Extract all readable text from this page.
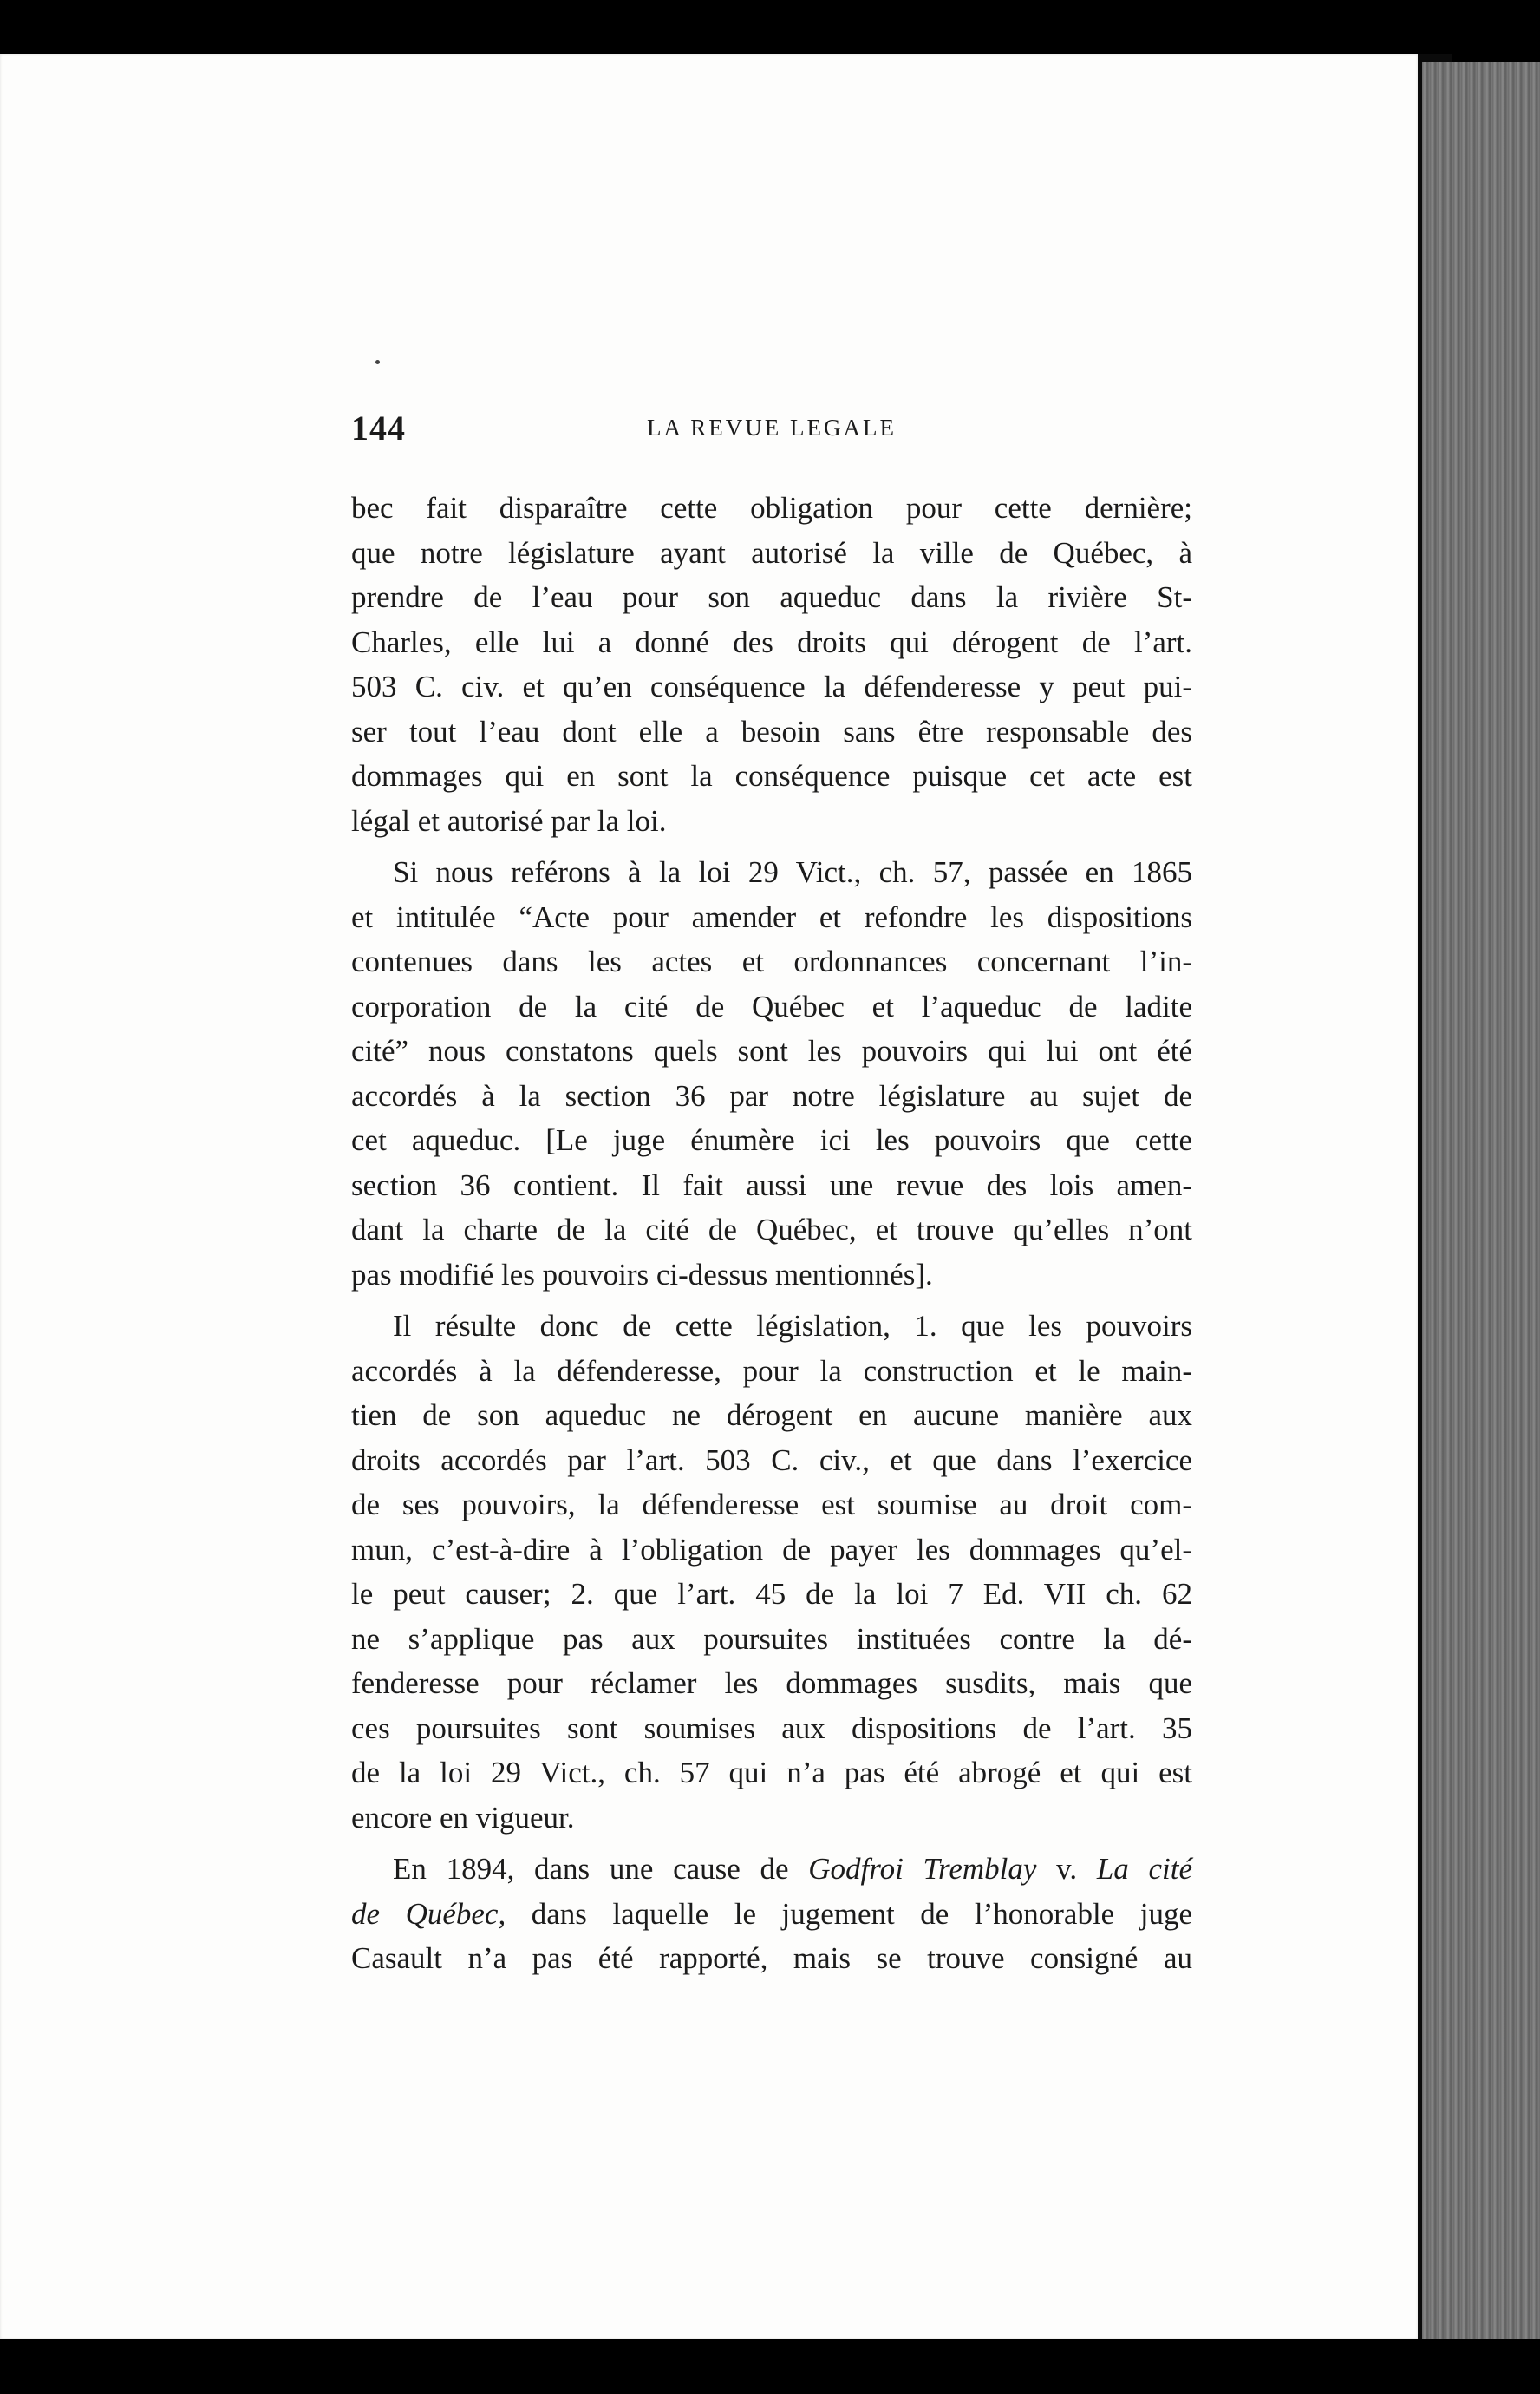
144	LA REVUE LEGALE

bec fait disparaître cette obligation pour cette dernière;

que notre législature ayant autorisé la ville de Québec, à

prendre de l’eau pour son aqueduc dans la rivière St-

Charles, elle lui a donné des droits qui dérogent de l’art.

503 C. civ. et qu’en conséquence la défenderesse y peut pui-

ser tout l’eau dont elle a besoin sans être responsable des

dommages qui en sont la conséquence puisque cet acte est

légal et autorisé par la loi.

Si nous reférons à la loi 29 Vict., ch. 57, passée en 1865

et intitulée “Acte pour amender et refondre les dispositions

contenues dans les actes et ordonnances concernant l’in-

corporation de la cité de Québec et l’aqueduc de ladite

cité” nous constatons quels sont les pouvoirs qui lui ont été

accordés à la section 36 par notre législature au sujet de

cet aqueduc. [Le juge énumère ici les pouvoirs que cette

section 36 contient. Il fait aussi une revue des lois amen-

dant la charte de la cité de Québec, et trouve qu’elles n’ont

pas modifié les pouvoirs ci-dessus mentionnés].

Il résulte donc de cette législation, 1. que les pouvoirs

accordés à la défenderesse, pour la construction et le main-

tien de son aqueduc ne dérogent en aucune manière aux

droits accordés par l’art. 503 C. civ., et que dans l’exercice

de ses pouvoirs, la défenderesse est soumise au droit com-

mun, c’est-à-dire à l’obligation de payer les dommages qu’el-

le peut causer; 2. que l’art. 45 de la loi 7 Ed. VII ch. 62

ne s’applique pas aux poursuites instituées contre la dé-

fenderesse pour réclamer les dommages susdits, mais que

ces poursuites sont soumises aux dispositions de l’art. 35

de la loi 29 Vict., ch. 57 qui n’a pas été abrogé et qui est

encore en vigueur.

En 1894, dans une cause de Godfroi Tremblay v. La cité
de Québec, dans laquelle le jugement de l’honorable juge
Casault n’a pas été rapporté, mais se trouve consigné au
